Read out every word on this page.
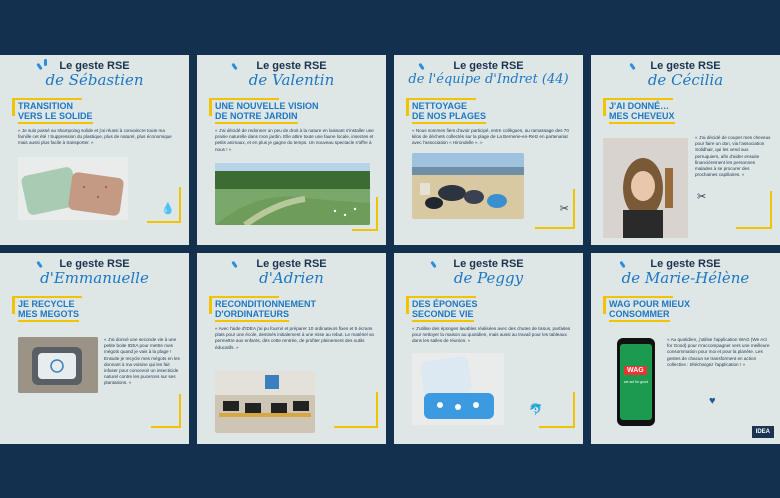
Le geste RSE
de Sébastien
TRANSITION
VERS LE SOLIDE
« Je suis passé au shampoing solide et j'ai réussi à convaincre toute ma famille cet été ! Suppression du plastique, plus de naturel, plus économique mais aussi plus facile à transporter. »
💧
Le geste RSE
de Valentin
UNE NOUVELLE VISION
DE NOTRE JARDIN
« J'ai décidé de redonner un peu de droit à la nature en laissant s'installer une prairie naturelle dans mon jardin. Elle attire toute une faune locale, insectes et petits animaux, et en plus je gagne du temps. Un nouveau spectacle s'offre à nous ! »
Le geste RSE
de l'équipe d'Indret (44)
NETTOYAGE
DE NOS PLAGES
« Nous sommes fiers d'avoir participé, entre collègues, au ramassage des 70 kilos de déchets collectés sur la plage de La Bernerie-en-Retz en partenariat avec l'association « Hirondelle ». »
✂
Le geste RSE
de Cécilia
J'AI DONNÉ…
MES CHEVEUX
« J'ai décidé de couper mes cheveux pour faire un don, via l'association Solidhair, qui les vend aux perruquiers, afin d'aider ensuite financièrement les personnes malades à se procurer des prochaines capillaires. »
✂
Le geste RSE
d'Emmanuelle
JE RECYCLE
MES MEGOTS
« J'ai donné une seconde vie à une petite boite IDEA pour mettre mes mégots quand je vais à la plage ! Ensuite je recycle mes mégots en les donnant à ma voisine qui les fait infuser pour concevoir un insecticide naturel contre les pucerons sur ses plantations. »
Le geste RSE
d'Adrien
RECONDITIONNEMENT
D'ORDINATEURS
« Avec l'aide d'IDEA j'ai pu fournir et préparer 10 ordinateurs fixes et 5 écrans plats pour une école, destinés initialement à une mise au rebut. Le matériel va permettre aux enfants, dès cette rentrée, de profiter pleinement des outils éducatifs. »
Le geste RSE
de Peggy
DES ÉPONGES
SECONDE VIE
« J'utilise des éponges lavables réalisées avec des chutes de tissus, parfaites pour nettoyer la maison au quotidien, mais aussi au travail pour les tableaux dans les salles de réunion. »
🐬
Le geste RSE
de Marie-Hélène
WAG POUR MIEUX
CONSOMMER
WAG
we act for good
« Au quotidien, j'utilise l'application WAG (We Act for Good) pour m'accompagner vers une meilleure consommation pour moi et pour la planète. Les gestes de chacun se transforment en action collective : téléchargez l'application ! »
♥
IDEA
